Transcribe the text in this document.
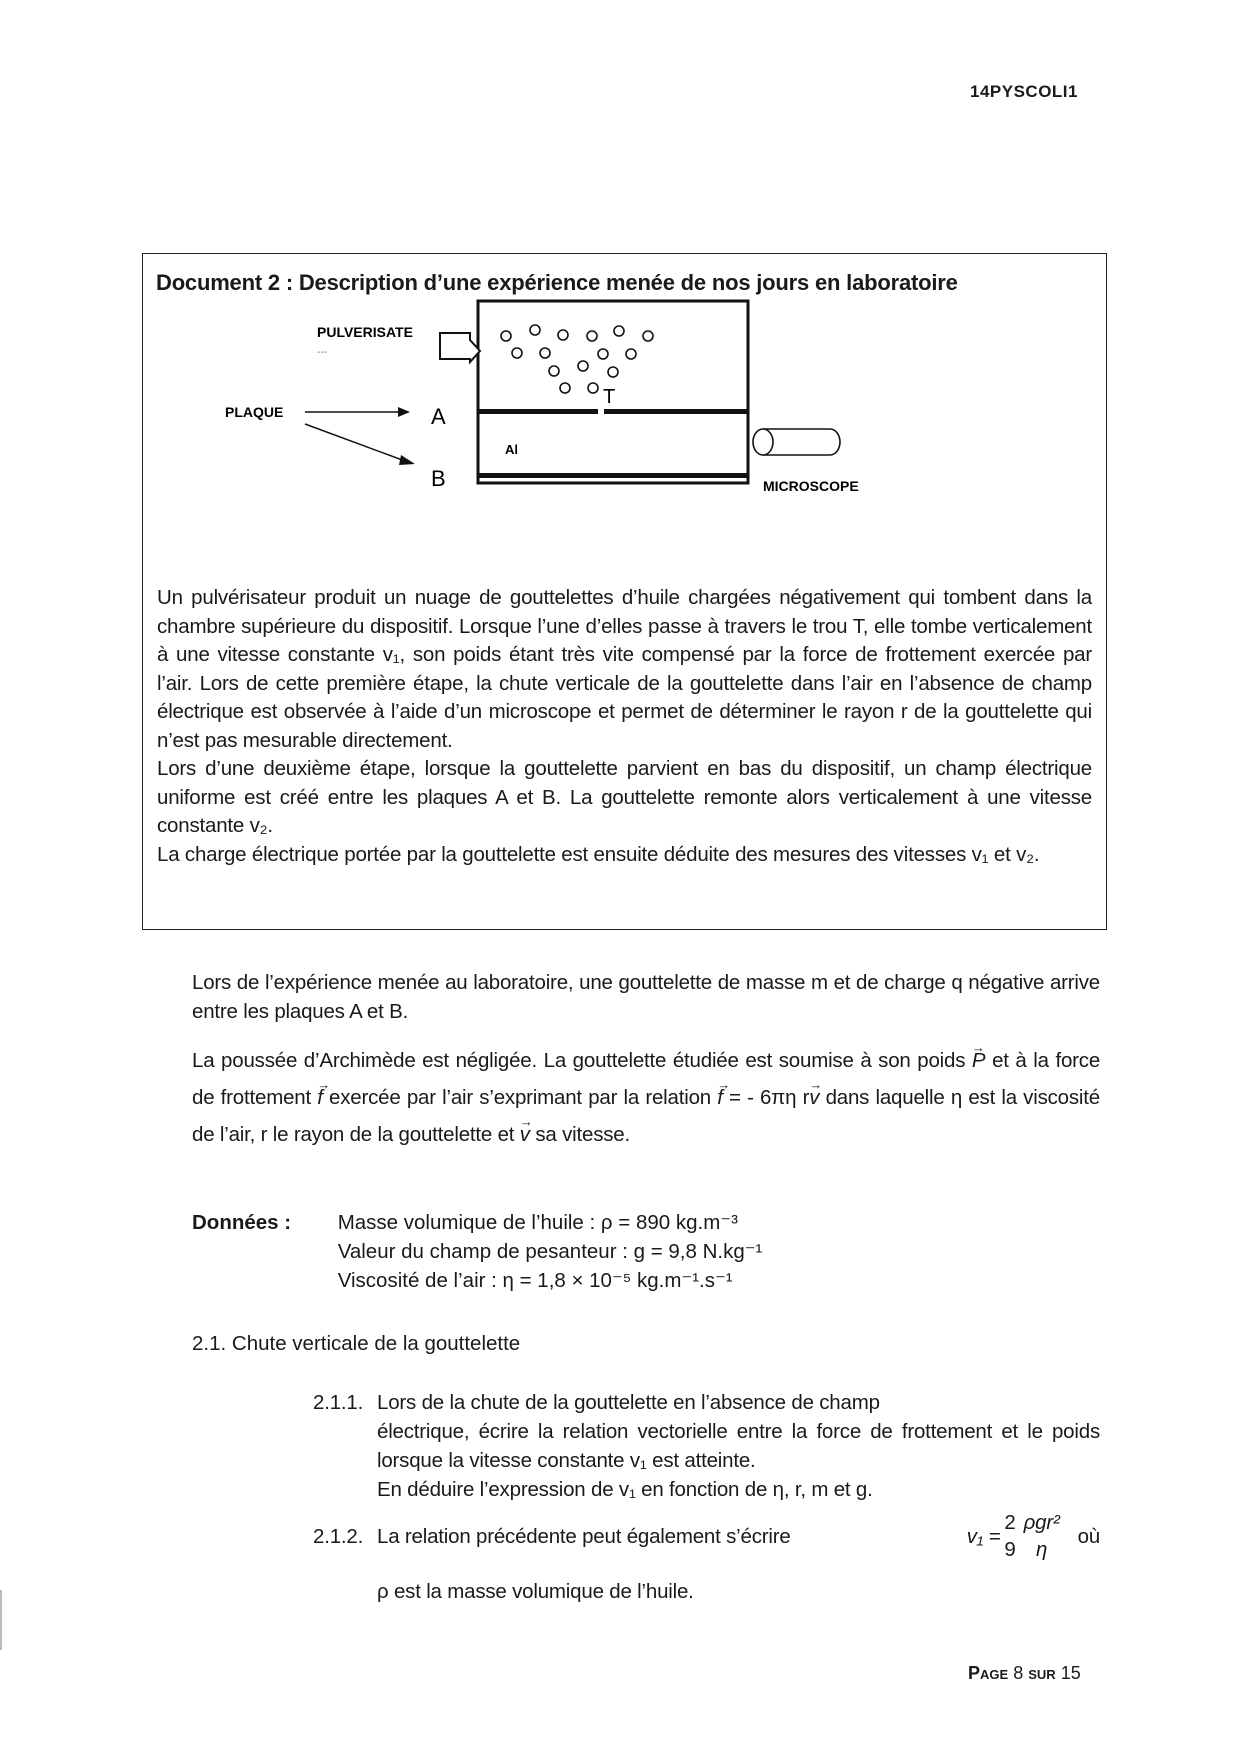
14PYSCOLI1
Document 2 : Description d’une expérience menée de nos jours en laboratoire
PULVERISATE
---
PLAQUE	A
B
T
Al
MICROSCOPE

Un pulvérisateur produit un nuage de gouttelettes d’huile chargées négativement qui tombent dans la chambre supérieure du dispositif. Lorsque l’une d’elles passe à travers le trou T, elle tombe verticalement à une vitesse constante v₁, son poids étant très vite compensé par la force de frottement exercée par l’air. Lors de cette première étape, la chute verticale de la gouttelette dans l’air en l’absence de champ électrique est observée à l’aide d’un microscope et permet de déterminer le rayon r de la gouttelette qui n’est pas mesurable directement.

Lors d’une deuxième étape, lorsque la gouttelette parvient en bas du dispositif, un champ électrique uniforme est créé entre les plaques A et B. La gouttelette remonte alors verticalement à une vitesse constante v₂.

La charge électrique portée par la gouttelette est ensuite déduite des mesures des vitesses v₁ et v₂.

Lors de l’expérience menée au laboratoire, une gouttelette de masse m et de charge q négative arrive entre les plaques A et B.

La poussée d’Archimède est négligée. La gouttelette étudiée est soumise à son poids → P et à la force de frottement → f exercée par l’air s’exprimant par la relation → f = - 6πη r→ v dans laquelle η est la viscosité de l’air, r le rayon de la gouttelette et → v sa vitesse.

Données : Masse volumique de l’huile : ρ = 890 kg.m⁻³
Valeur du champ de pesanteur : g = 9,8 N.kg⁻¹
Viscosité de l’air : η = 1,8 × 10⁻⁵ kg.m⁻¹.s⁻¹
2.1. Chute verticale de la gouttelette
2.1.1. Lors de la chute de la gouttelette en l’absence de champ
électrique, écrire la relation vectorielle entre la force de frottement et le poids lorsque la vitesse constante v₁ est atteinte.
En déduire l’expression de v₁ en fonction de η, r, m et g.
2.1.2. La relation précédente peut également s’écrire	$v_1 = \frac{2}{9} \frac{\text{ρgr²}}{\eta}$ où
ρ est la masse volumique de l’huile.
Page 8 sur 15
